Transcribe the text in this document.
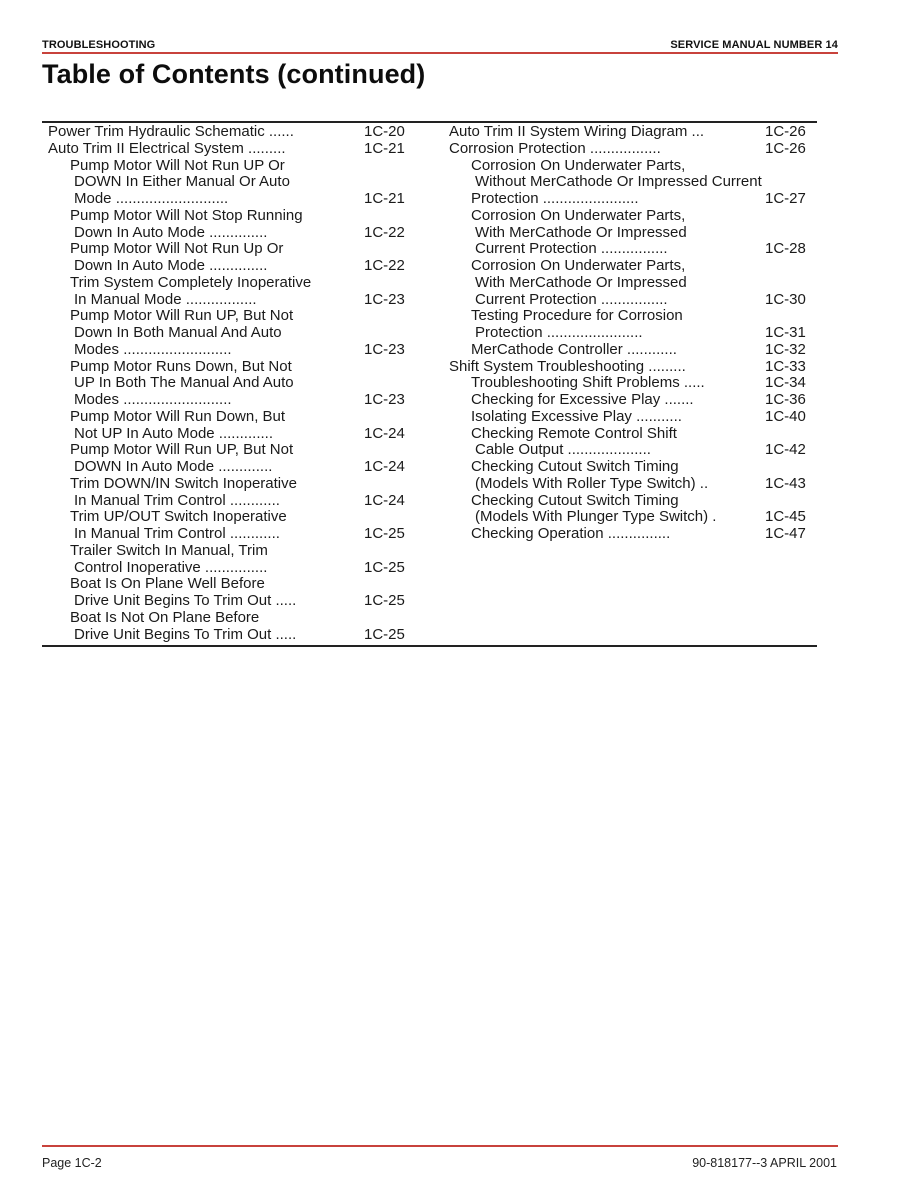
TROUBLESHOOTING	SERVICE MANUAL NUMBER 14
Table of Contents (continued)
Power Trim Hydraulic Schematic ......	1C-20
Auto Trim II Electrical System .........	1C-21
Pump Motor Will Not Run UP Or
DOWN In Either Manual Or Auto
Mode ...........................	1C-21
Pump Motor Will Not Stop Running
Down In Auto Mode ..............	1C-22
Pump Motor Will Not Run Up Or
Down In Auto Mode ..............	1C-22
Trim System Completely Inoperative
In Manual Mode .................	1C-23
Pump Motor Will Run UP, But Not
Down In Both Manual And Auto
Modes ..........................	1C-23
Pump Motor Runs Down, But Not
UP In Both The Manual And Auto
Modes ..........................	1C-23
Pump Motor Will Run Down, But
Not UP In Auto Mode .............	1C-24
Pump Motor Will Run UP, But Not
DOWN In Auto Mode .............	1C-24
Trim DOWN/IN Switch Inoperative
In Manual Trim Control ............	1C-24
Trim UP/OUT Switch Inoperative
In Manual Trim Control ............	1C-25
Trailer Switch In Manual, Trim
Control Inoperative ...............	1C-25
Boat Is On Plane Well Before
Drive Unit Begins To Trim Out .....	1C-25
Boat Is Not On Plane Before
Drive Unit Begins To Trim Out .....	1C-25
Auto Trim II System Wiring Diagram ...	1C-26
Corrosion Protection .................	1C-26
Corrosion On Underwater Parts,
Without MerCathode Or Impressed Current
Protection .......................	1C-27
Corrosion On Underwater Parts,
With MerCathode Or Impressed
Current Protection ................	1C-28
Corrosion On Underwater Parts,
With MerCathode Or Impressed
Current Protection ................	1C-30
Testing Procedure for Corrosion
Protection .......................	1C-31
MerCathode Controller ............	1C-32
Shift System Troubleshooting .........	1C-33
Troubleshooting Shift Problems .....	1C-34
Checking for Excessive Play .......	1C-36
Isolating Excessive Play ...........	1C-40
Checking Remote Control Shift
Cable Output ....................	1C-42
Checking Cutout Switch Timing
(Models With Roller Type Switch) ..	1C-43
Checking Cutout Switch Timing
(Models With Plunger Type Switch) .	1C-45
Checking Operation ...............	1C-47
Page 1C-2	90-818177--3 APRIL 2001
